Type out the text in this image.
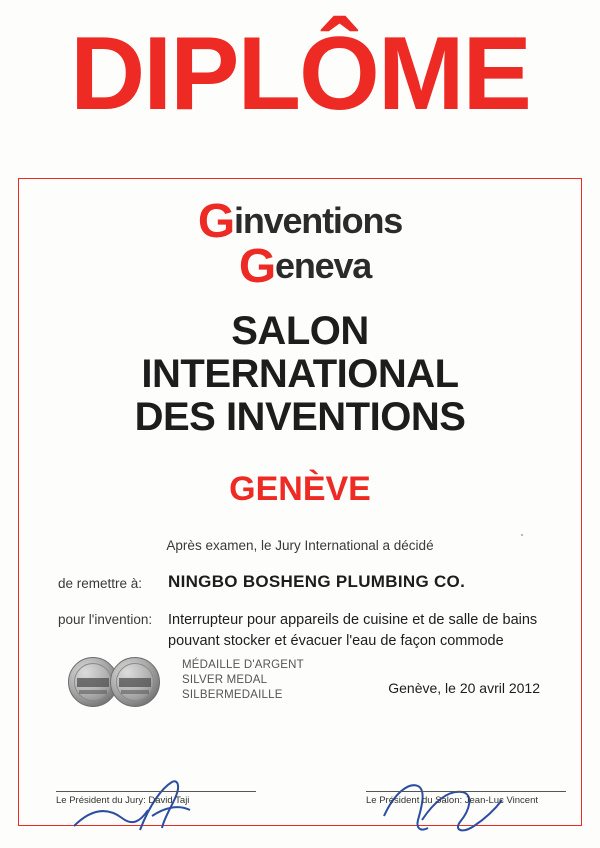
DIPLÔME
Ginventions
Geneva
SALON
INTERNATIONAL
DES INVENTIONS
GENÈVE
Après examen, le Jury International a décidé
de remettre à: NINGBO BOSHENG PLUMBING CO.
pour l'invention: Interrupteur pour appareils de cuisine et de salle de bains
pouvant stocker et évacuer l'eau de façon commode
MÉDAILLE D'ARGENT
SILVER MEDAL
SILBERMEDAILLE	Genève, le 20 avril 2012
Le Président du Jury: David Taji	Le Président du Salon: Jean-Luc Vincent
